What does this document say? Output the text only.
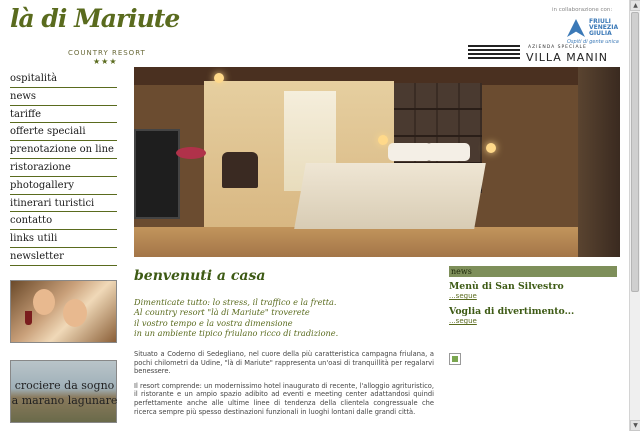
là di Mariute
COUNTRY RESORT
★★★
in collaborazione con:
FRIULI VENEZIA GIULIA
Ospiti di gente unica
AZIENDA SPECIALE
VILLA MANIN
ospitalità
news
tariffe
offerte speciali
prenotazione on line
ristorazione
photogallery
itinerari turistici
contatto
links utili
newsletter
crociere da sogno
a marano lagunare
benvenuti a casa

Dimenticate tutto: lo stress, il traffico e la fretta.

Al country resort "là di Mariute" troverete

il vostro tempo e la vostra dimensione

in un ambiente tipico friulano ricco di tradizione.

Situato a Coderno di Sedegliano, nel cuore della più caratteristica campagna friulana, a pochi chilometri da Udine, "là di Mariute" rappresenta un'oasi di tranquillità per regalarvi benessere.

Il resort comprende: un modernissimo hotel inaugurato di recente, l'alloggio agrituristico, il ristorante e un ampio spazio adibito ad eventi e meeting center adattandosi quindi perfettamente anche alle ultime linee di tendenza della clientela congressuale che ricerca sempre più spesso destinazioni funzionali in luoghi lontani dalle grandi città.

news
Menù di San Silvestro
...segue
Voglia di divertimento...
...segue
▲
▼
